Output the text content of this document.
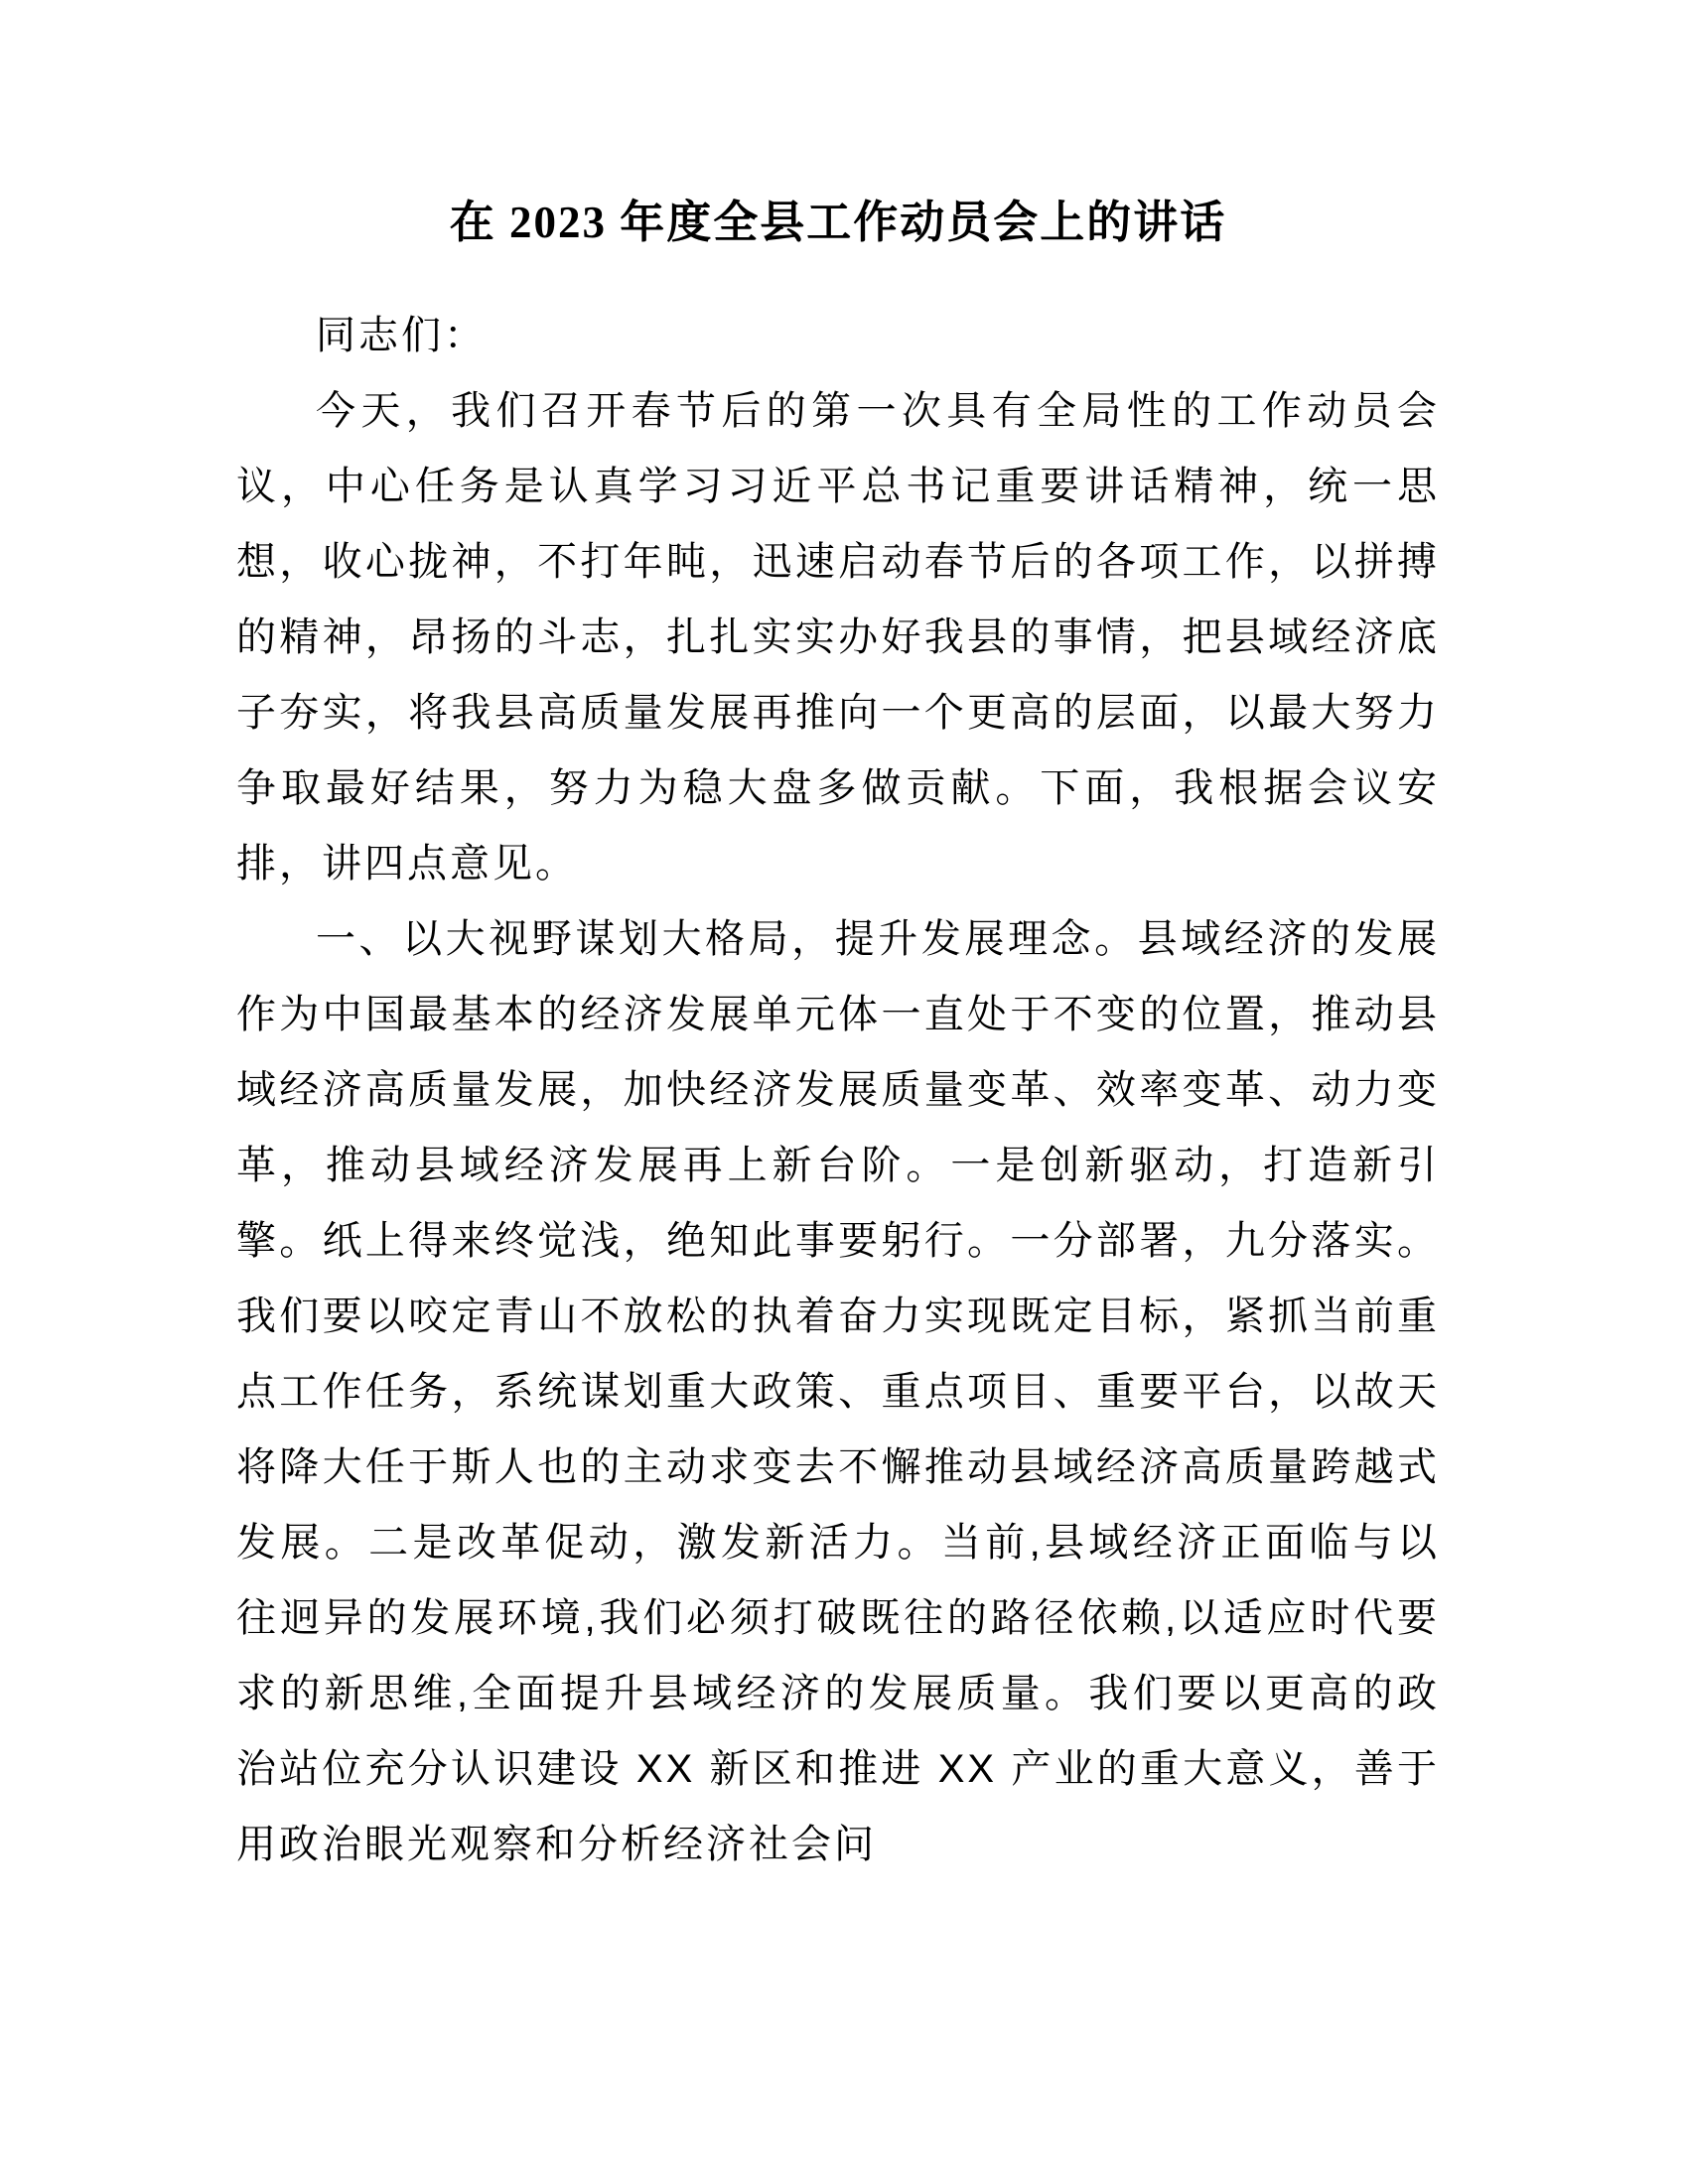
在 2023 年度全县工作动员会上的讲话

同志们：

今天，我们召开春节后的第一次具有全局性的工作动员会议，中心任务是认真学习习近平总书记重要讲话精神，统一思想，收心拢神，不打年盹，迅速启动春节后的各项工作，以拼搏的精神，昂扬的斗志，扎扎实实办好我县的事情，把县域经济底子夯实，将我县高质量发展再推向一个更高的层面，以最大努力争取最好结果，努力为稳大盘多做贡献。下面，我根据会议安排，讲四点意见。

一、以大视野谋划大格局，提升发展理念。县域经济的发展作为中国最基本的经济发展单元体一直处于不变的位置，推动县域经济高质量发展，加快经济发展质量变革、效率变革、动力变革，推动县域经济发展再上新台阶。一是创新驱动，打造新引擎。纸上得来终觉浅，绝知此事要躬行。一分部署，九分落实。我们要以咬定青山不放松的执着奋力实现既定目标，紧抓当前重点工作任务，系统谋划重大政策、重点项目、重要平台，以故天将降大任于斯人也的主动求变去不懈推动县域经济高质量跨越式发展。二是改革促动，激发新活力。当前,县域经济正面临与以往迥异的发展环境,我们必须打破既往的路径依赖,以适应时代要求的新思维,全面提升县域经济的发展质量。我们要以更高的政治站位充分认识建设 XX 新区和推进 XX 产业的重大意义，善于用政治眼光观察和分析经济社会问
